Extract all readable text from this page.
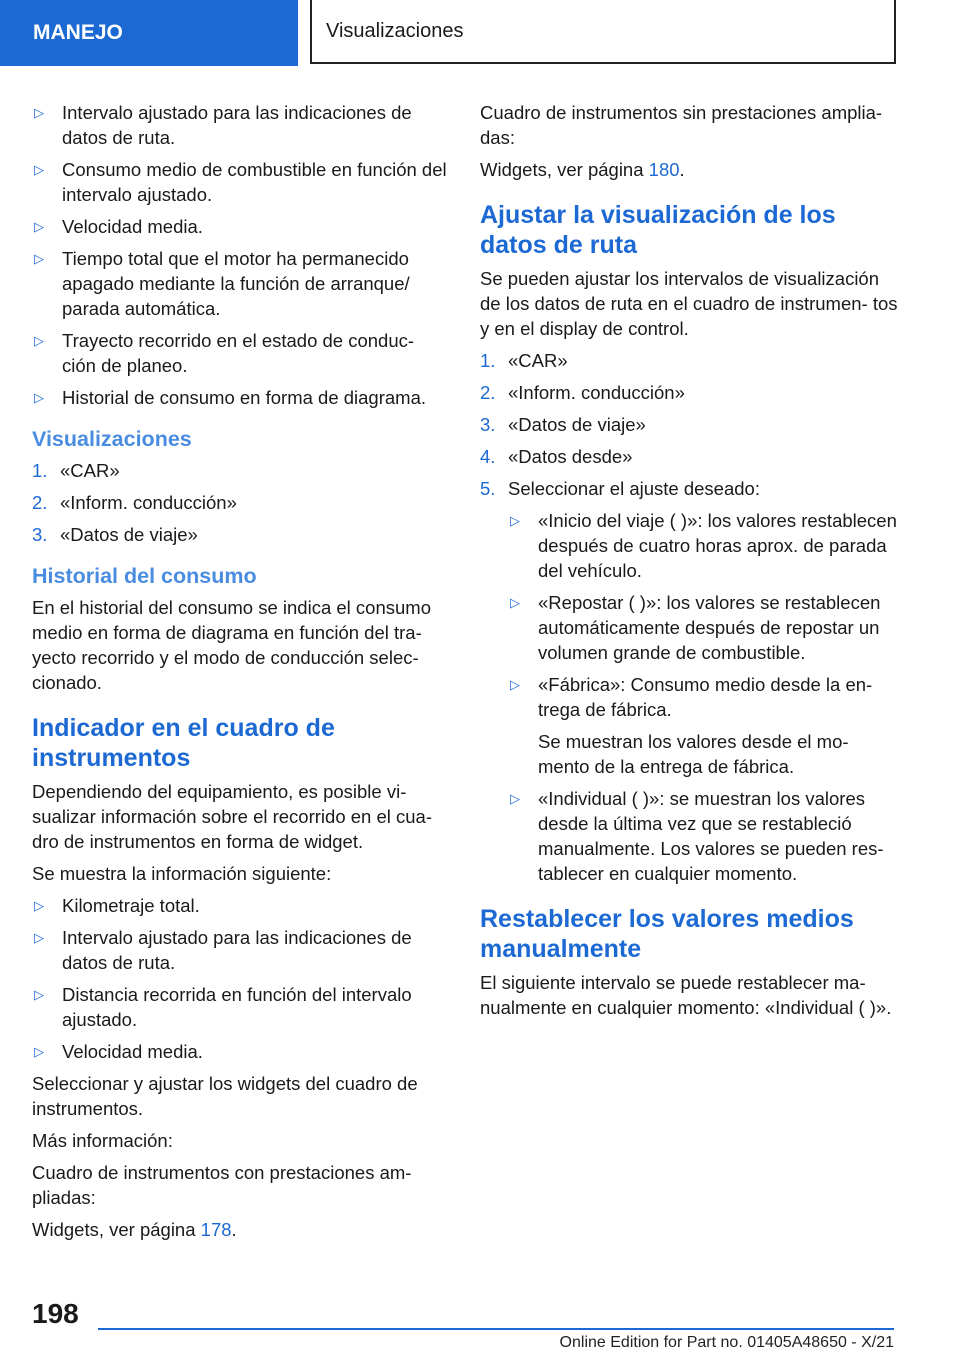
MANEJO	Visualizaciones
▷ Intervalo ajustado para las indicaciones de datos de ruta.
▷ Consumo medio de combustible en función del intervalo ajustado.
▷ Velocidad media.
▷ Tiempo total que el motor ha permanecido apagado mediante la función de arranque/ parada automática.
▷ Trayecto recorrido en el estado de conduc- ción de planeo.
▷ Historial de consumo en forma de diagrama.
Visualizaciones
1. «CAR»
2. «Inform. conducción»
3. «Datos de viaje»
Historial del consumo

En el historial del consumo se indica el consumo medio en forma de diagrama en función del tra- yecto recorrido y el modo de conducción selec- cionado.

Indicador en el cuadro de instrumentos

Dependiendo del equipamiento, es posible vi- sualizar información sobre el recorrido en el cua- dro de instrumentos en forma de widget.

Se muestra la información siguiente:

▷ Kilometraje total.
▷ Intervalo ajustado para las indicaciones de datos de ruta.
▷ Distancia recorrida en función del intervalo ajustado.
▷ Velocidad media.

Seleccionar y ajustar los widgets del cuadro de instrumentos.

Más información:

Cuadro de instrumentos con prestaciones am- pliadas:

Widgets, ver página 178.

Cuadro de instrumentos sin prestaciones amplia- das:

Widgets, ver página 180.

Ajustar la visualización de los datos de ruta

Se pueden ajustar los intervalos de visualización de los datos de ruta en el cuadro de instrumen- tos y en el display de control.

1. «CAR»
2. «Inform. conducción»
3. «Datos de viaje»
4. «Datos desde»
5. Seleccionar el ajuste deseado:
▷ «Inicio del viaje ( )»: los valores restablecen después de cuatro horas aprox. de parada del vehículo.
▷ «Repostar ( )»: los valores se restablecen automáticamente después de repostar un volumen grande de combustible.
▷ «Fábrica»: Consumo medio desde la en- trega de fábrica.
Se muestran los valores desde el mo- mento de la entrega de fábrica.
▷ «Individual ( )»: se muestran los valores desde la última vez que se restableció manualmente. Los valores se pueden res- tablecer en cualquier momento.
Restablecer los valores medios manualmente

El siguiente intervalo se puede restablecer ma- nualmente en cualquier momento: «Individual ( )».

198
Online Edition for Part no. 01405A48650 - X/21
